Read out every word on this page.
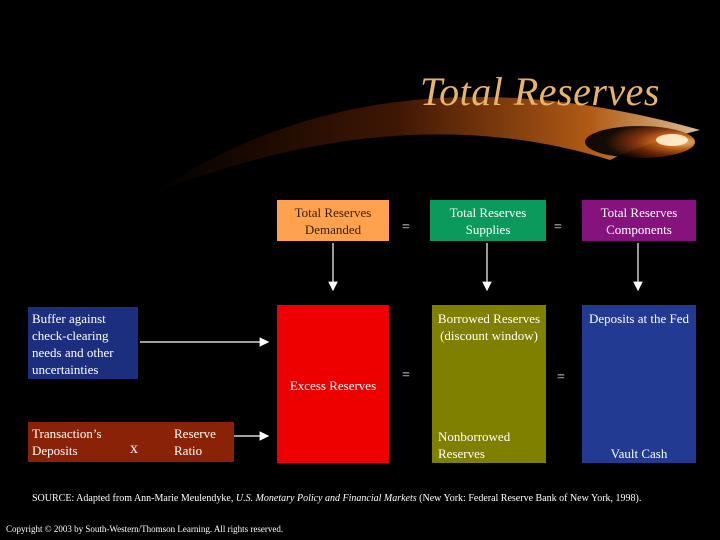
Total Reserves
Total Reserves Demanded	=
Total Reserves Supplies	=
Total Reserves Components
Buffer against check-clearing needs and other uncertainties
Transaction’s Deposits	x
Reserve Ratio
Excess Reserves
=
Borrowed Reserves (discount window)
Nonborrowed Reserves
=
Deposits at the Fed
Vault Cash
SOURCE: Adapted from Ann-Marie Meulendyke, U.S. Monetary Policy and Financial Markets (New York: Federal Reserve Bank of New York, 1998).
Copyright © 2003 by South-Western/Thomson Learning. All rights reserved.
